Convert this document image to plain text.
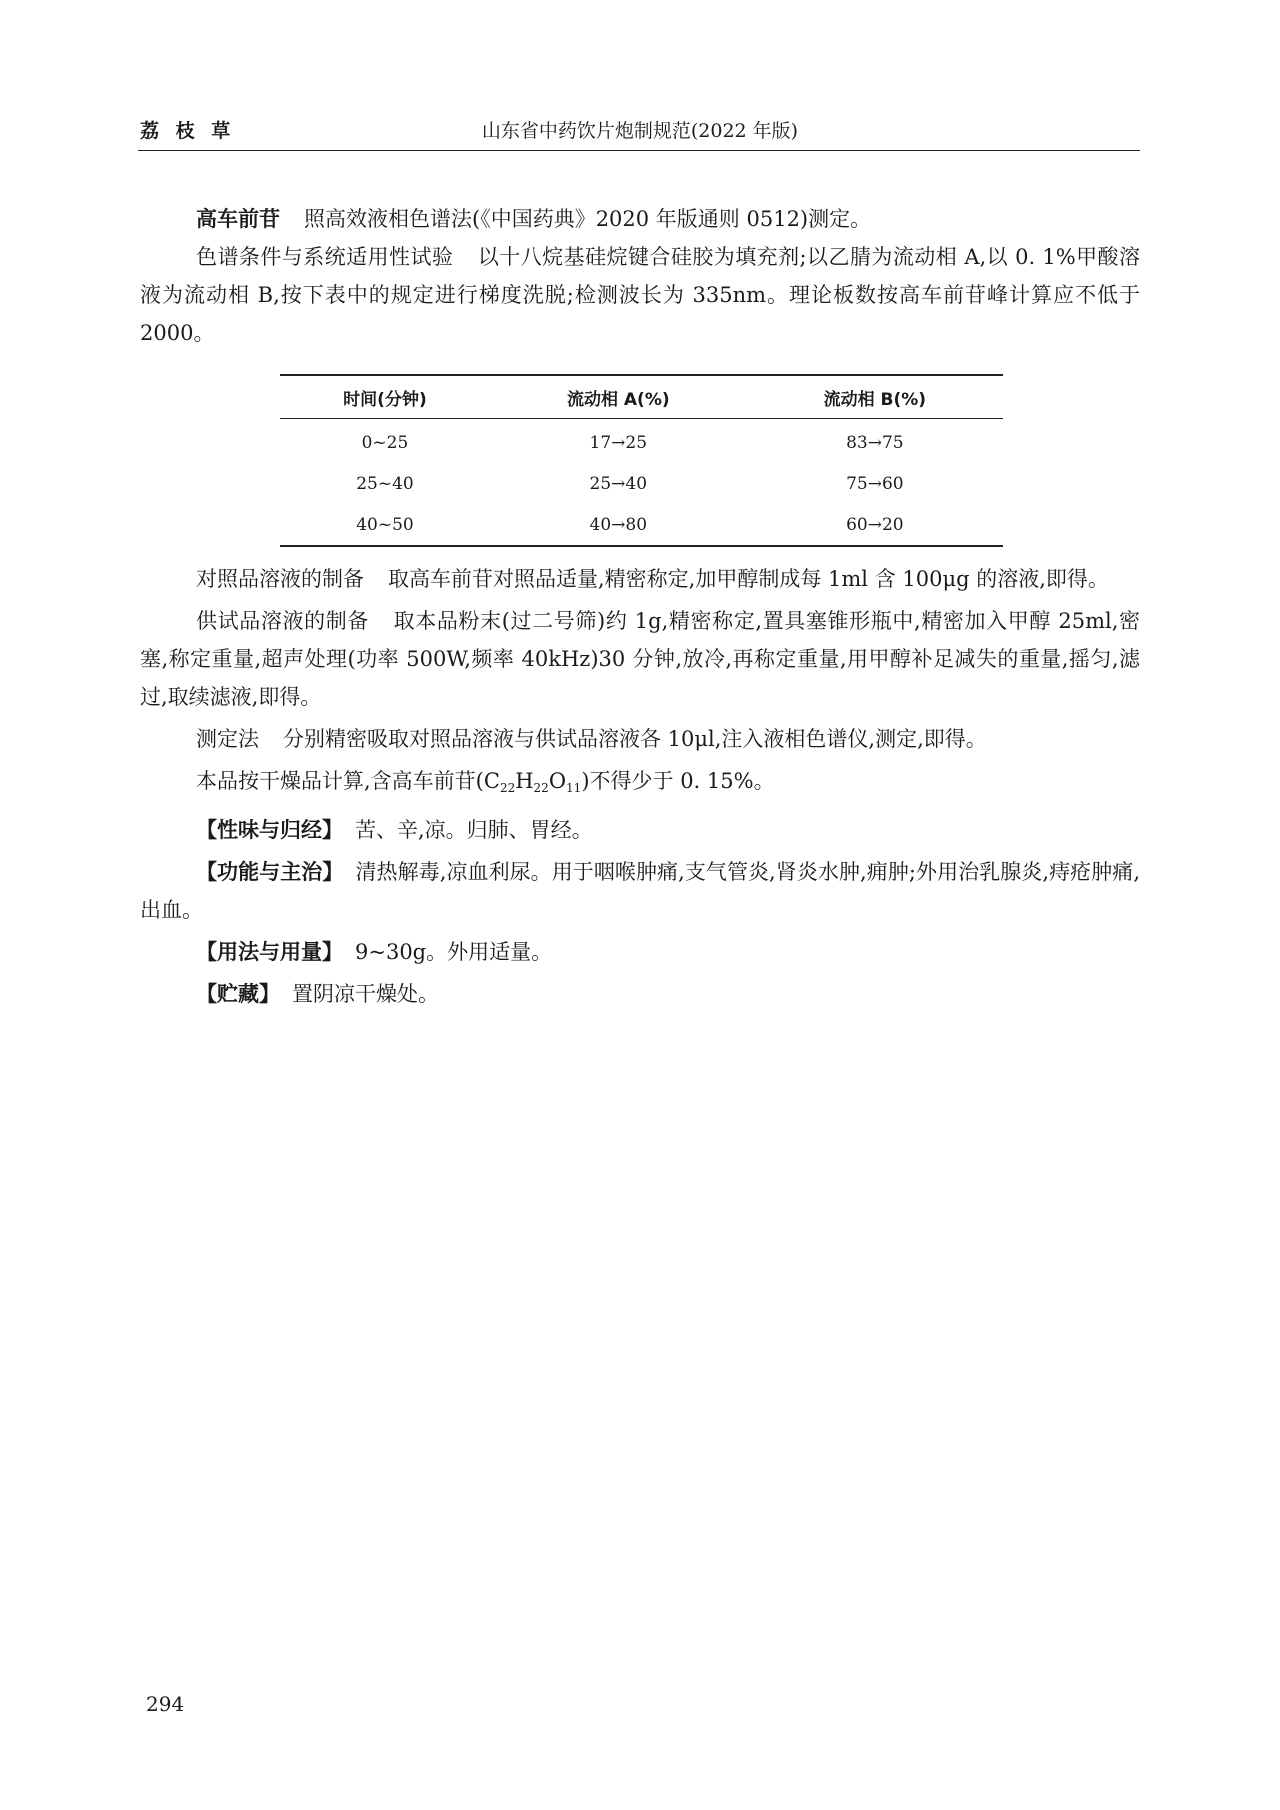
荔 枝 草	山东省中药饮片炮制规范(2022 年版)

高车前苷 照高效液相色谱法(《中国药典》2020 年版通则 0512)测定。

色谱条件与系统适用性试验 以十八烷基硅烷键合硅胶为填充剂;以乙腈为流动相 A,以 0. 1%甲酸溶液为流动相 B,按下表中的规定进行梯度洗脱;检测波长为 335nm。理论板数按高车前苷峰计算应不低于 2000。

时间(分钟)	流动相 A(%)	流动相 B(%)
0~25	17→25	83→75
25~40	25→40	75→60
40~50	40→80	60→20

对照品溶液的制备 取高车前苷对照品适量,精密称定,加甲醇制成每 1ml 含 100μg 的溶液,即得。

供试品溶液的制备 取本品粉末(过二号筛)约 1g,精密称定,置具塞锥形瓶中,精密加入甲醇 25ml,密塞,称定重量,超声处理(功率 500W,频率 40kHz)30 分钟,放冷,再称定重量,用甲醇补足减失的重量,摇匀,滤过,取续滤液,即得。

测定法 分别精密吸取对照品溶液与供试品溶液各 10μl,注入液相色谱仪,测定,即得。

本品按干燥品计算,含高车前苷$(C_{22}H_{22}O_{11})$不得少于 0. 15%。

【性味与归经】 苦、辛,凉。归肺、胃经。

【功能与主治】 清热解毒,凉血利尿。用于咽喉肿痛,支气管炎,肾炎水肿,痈肿;外用治乳腺炎,痔疮肿痛,出血。

【用法与用量】 9~30g。外用适量。

【贮藏】 置阴凉干燥处。

294
